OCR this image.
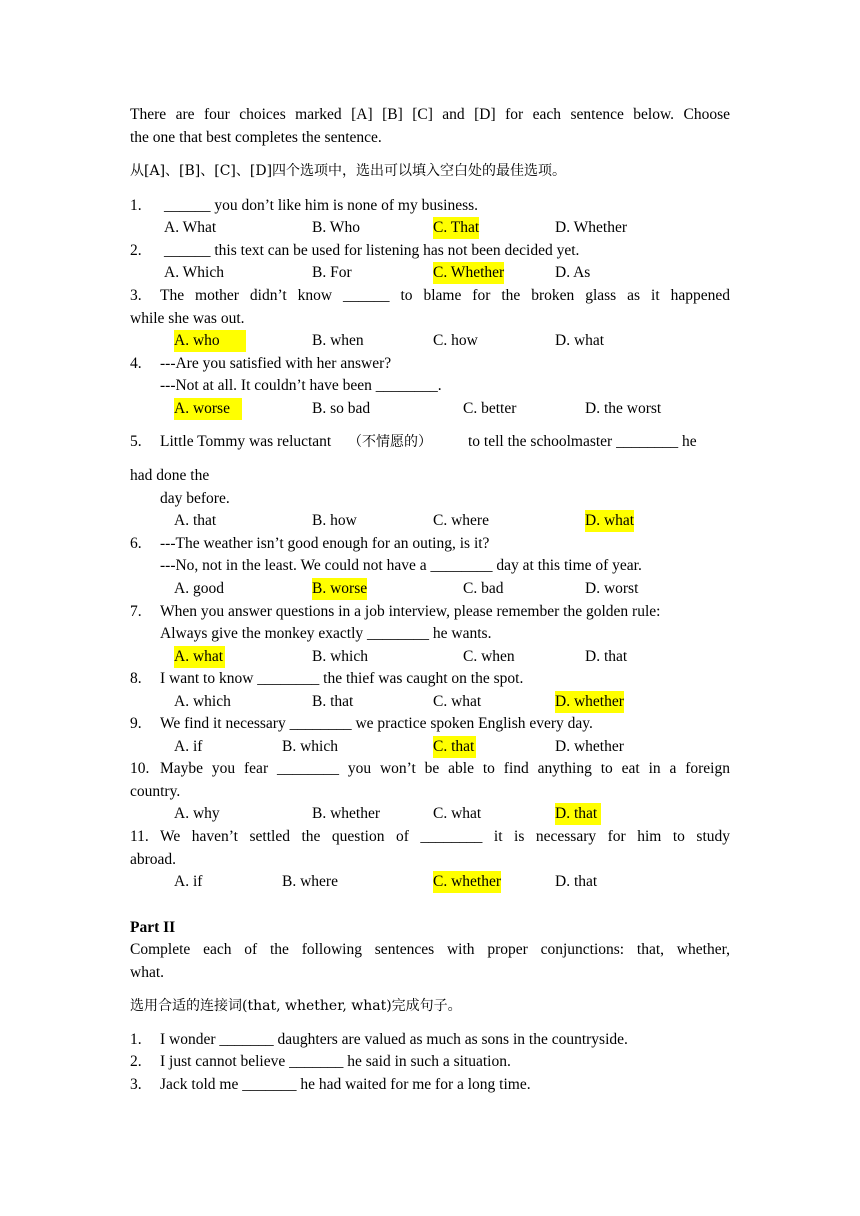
There are four choices marked [A] [B] [C] and [D] for each sentence below. Choose
the one that best completes the sentence.
从[A]、[B]、[C]、[D]四个选项中，选出可以填入空白处的最佳选项。
1. ______ you don’t like him is none of my business.
A. What	B. Who	C. That	D. Whether
2. ______ this text can be used for listening has not been decided yet.
A. Which	B. For	C. Whether	D. As
3. The mother didn’t know ______ to blame for the broken glass as it happened
while she was out.
A. who	B. when	C. how	D. what
4. ---Are you satisfied with her answer?
---Not at all. It couldn’t have been ________.
A. worse	B. so bad	C. better	D. the worst
5. Little Tommy was reluctant （不情愿的） to tell the schoolmaster ________ he
had done the
day before.
A. that	B. how	C. where	D. what
6. ---The weather isn’t good enough for an outing, is it?
---No, not in the least. We could not have a ________ day at this time of year.
A. good	B. worse	C. bad	D. worst
7. When you answer questions in a job interview, please remember the golden rule:
Always give the monkey exactly ________ he wants.
A. what	B. which	C. when	D. that
8. I want to know ________ the thief was caught on the spot.
A. which	B. that	C. what	D. whether
9. We find it necessary ________ we practice spoken English every day.
A. if	B. which	C. that	D. whether
10. Maybe you fear ________ you won’t be able to find anything to eat in a foreign
country.
A. why	B. whether	C. what	D. that
11. We haven’t settled the question of ________ it is necessary for him to study
abroad.
A. if	B. where	C. whether	D. that
Part II
Complete each of the following sentences with proper conjunctions: that, whether,
what.
选用合适的连接词(that, whether, what)完成句子。
1. I wonder _______ daughters are valued as much as sons in the countryside.
2. I just cannot believe _______ he said in such a situation.
3. Jack told me _______ he had waited for me for a long time.
